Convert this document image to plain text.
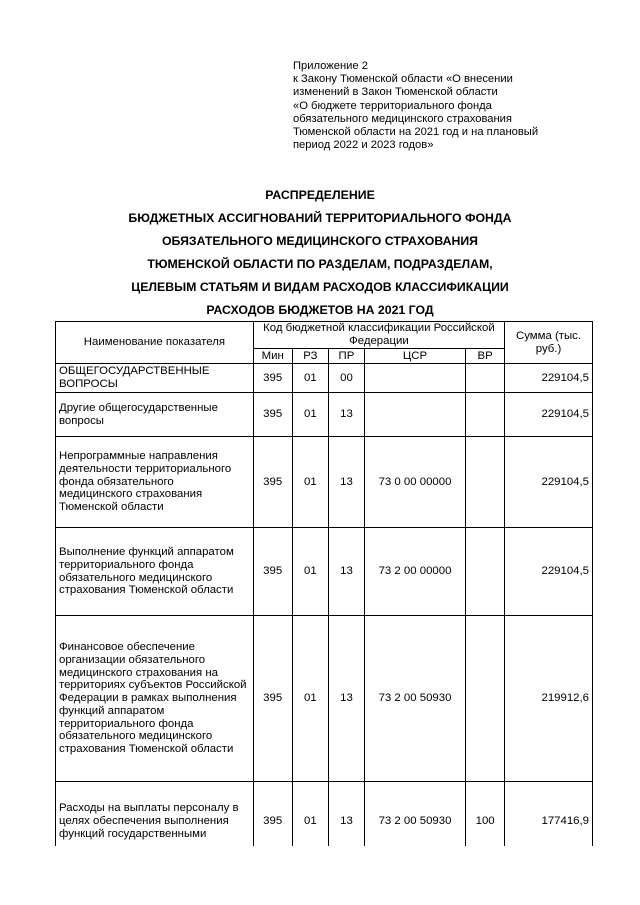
Приложение 2
к Закону Тюменской области «О внесении
изменений в Закон Тюменской области
«О бюджете территориального фонда
обязательного медицинского страхования
Тюменской области на 2021 год и на плановый
период 2022 и 2023 годов»
РАСПРЕДЕЛЕНИЕ
БЮДЖЕТНЫХ АССИГНОВАНИЙ ТЕРРИТОРИАЛЬНОГО ФОНДА
ОБЯЗАТЕЛЬНОГО МЕДИЦИНСКОГО СТРАХОВАНИЯ
ТЮМЕНСКОЙ ОБЛАСТИ ПО РАЗДЕЛАМ, ПОДРАЗДЕЛАМ,
ЦЕЛЕВЫМ СТАТЬЯМ И ВИДАМ РАСХОДОВ КЛАССИФИКАЦИИ
РАСХОДОВ БЮДЖЕТОВ НА 2021 ГОД
Наименование показателя	Код бюджетной классификации Российской Федерации					Сумма (тыс. руб.)
	Мин	РЗ	ПР	ЦСР	ВР	
ОБЩЕГОСУДАРСТВЕННЫЕ ВОПРОСЫ	395	01	00			229104,5
Другие общегосударственные вопросы	395	01	13			229104,5
Непрограммные направления деятельности территориального фонда обязательного медицинского страхования Тюменской области	395	01	13	73 0 00 00000		229104,5
Выполнение функций аппаратом территориального фонда обязательного медицинского страхования Тюменской области	395	01	13	73 2 00 00000		229104,5
Финансовое обеспечение организации обязательного медицинского страхования на территориях субъектов Российской Федерации в рамках выполнения функций аппаратом территориального фонда обязательного медицинского страхования Тюменской области	395	01	13	73 2 00 50930		219912,6
Расходы на выплаты персоналу в целях обеспечения выполнения функций государственными	395	01	13	73 2 00 50930	100	177416,9
